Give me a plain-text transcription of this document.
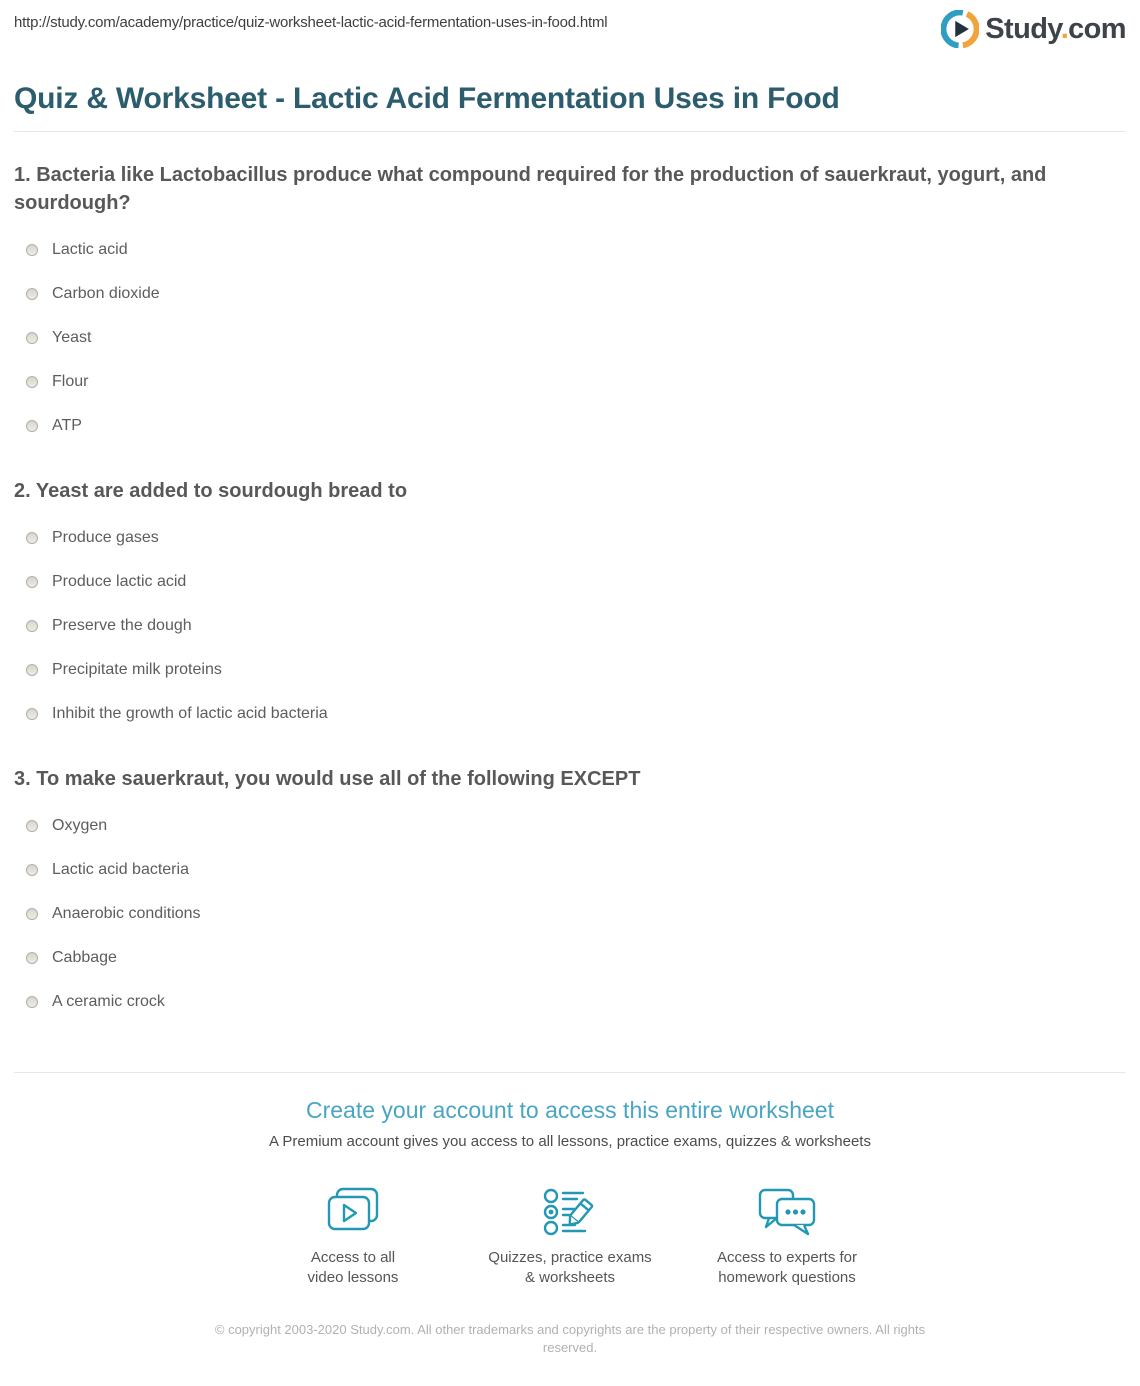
http://study.com/academy/practice/quiz-worksheet-lactic-acid-fermentation-uses-in-food.html	Study.com
Quiz & Worksheet - Lactic Acid Fermentation Uses in Food
1. Bacteria like Lactobacillus produce what compound required for the production of sauerkraut, yogurt, and sourdough?
Lactic acid
Carbon dioxide
Yeast
Flour
ATP
2. Yeast are added to sourdough bread to
Produce gases
Produce lactic acid
Preserve the dough
Precipitate milk proteins
Inhibit the growth of lactic acid bacteria
3. To make sauerkraut, you would use all of the following EXCEPT
Oxygen
Lactic acid bacteria
Anaerobic conditions
Cabbage
A ceramic crock
Create your account to access this entire worksheet

A Premium account gives you access to all lessons, practice exams, quizzes & worksheets

Access to all
video lessons
Quizzes, practice exams
& worksheets
Access to experts for
homework questions

© copyright 2003-2020 Study.com. All other trademarks and copyrights are the property of their respective owners. All rights
reserved.
